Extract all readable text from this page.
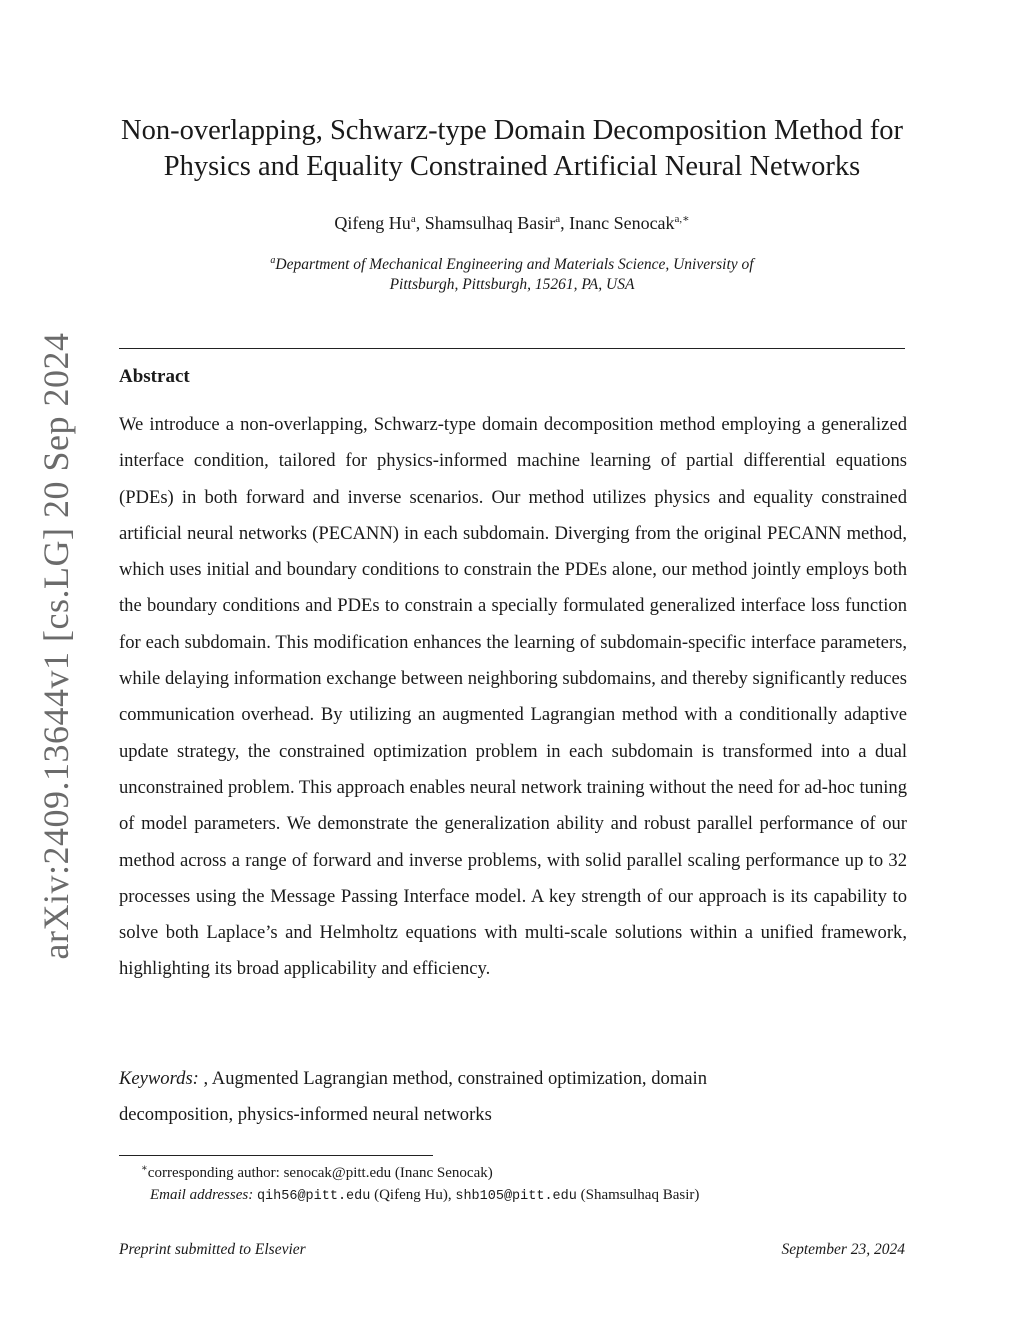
arXiv:2409.13644v1 [cs.LG] 20 Sep 2024
Non-overlapping, Schwarz-type Domain Decomposition Method for
Physics and Equality Constrained Artificial Neural Networks
Qifeng Hu$^a$, Shamsulhaq Basir$^a$, Inanc Senocak$^{a,∗}$
$^a$Department of Mechanical Engineering and Materials Science, University of
Pittsburgh, Pittsburgh, 15261, PA, USA
Abstract

We introduce a non-overlapping, Schwarz-type domain decomposition method employing a generalized interface condition, tailored for physics-informed machine learning of partial differential equations (PDEs) in both forward and inverse scenarios. Our method utilizes physics and equality constrained artificial neural networks (PECANN) in each subdomain. Diverging from the original PECANN method, which uses initial and boundary conditions to constrain the PDEs alone, our method jointly employs both the boundary conditions and PDEs to constrain a specially formulated generalized interface loss function for each subdomain. This modification enhances the learning of subdomain-specific interface parameters, while delaying information exchange between neighboring subdomains, and thereby significantly reduces communication overhead. By utilizing an augmented Lagrangian method with a conditionally adaptive update strategy, the constrained optimization problem in each subdomain is transformed into a dual unconstrained problem. This approach enables neural network training without the need for ad-hoc tuning of model parameters. We demonstrate the generalization ability and robust parallel performance of our method across a range of forward and inverse problems, with solid parallel scaling performance up to 32 processes using the Message Passing Interface model. A key strength of our approach is its capability to solve both Laplace’s and Helmholtz equations with multi-scale solutions within a unified framework, highlighting its broad applicability and efficiency.

Keywords: , Augmented Lagrangian method, constrained optimization, domain decomposition, physics-informed neural networks

∗corresponding author: senocak@pitt.edu (Inanc Senocak)
Email addresses: qih56@pitt.edu (Qifeng Hu), shb105@pitt.edu (Shamsulhaq Basir)
Preprint submitted to Elsevier	September 23, 2024
